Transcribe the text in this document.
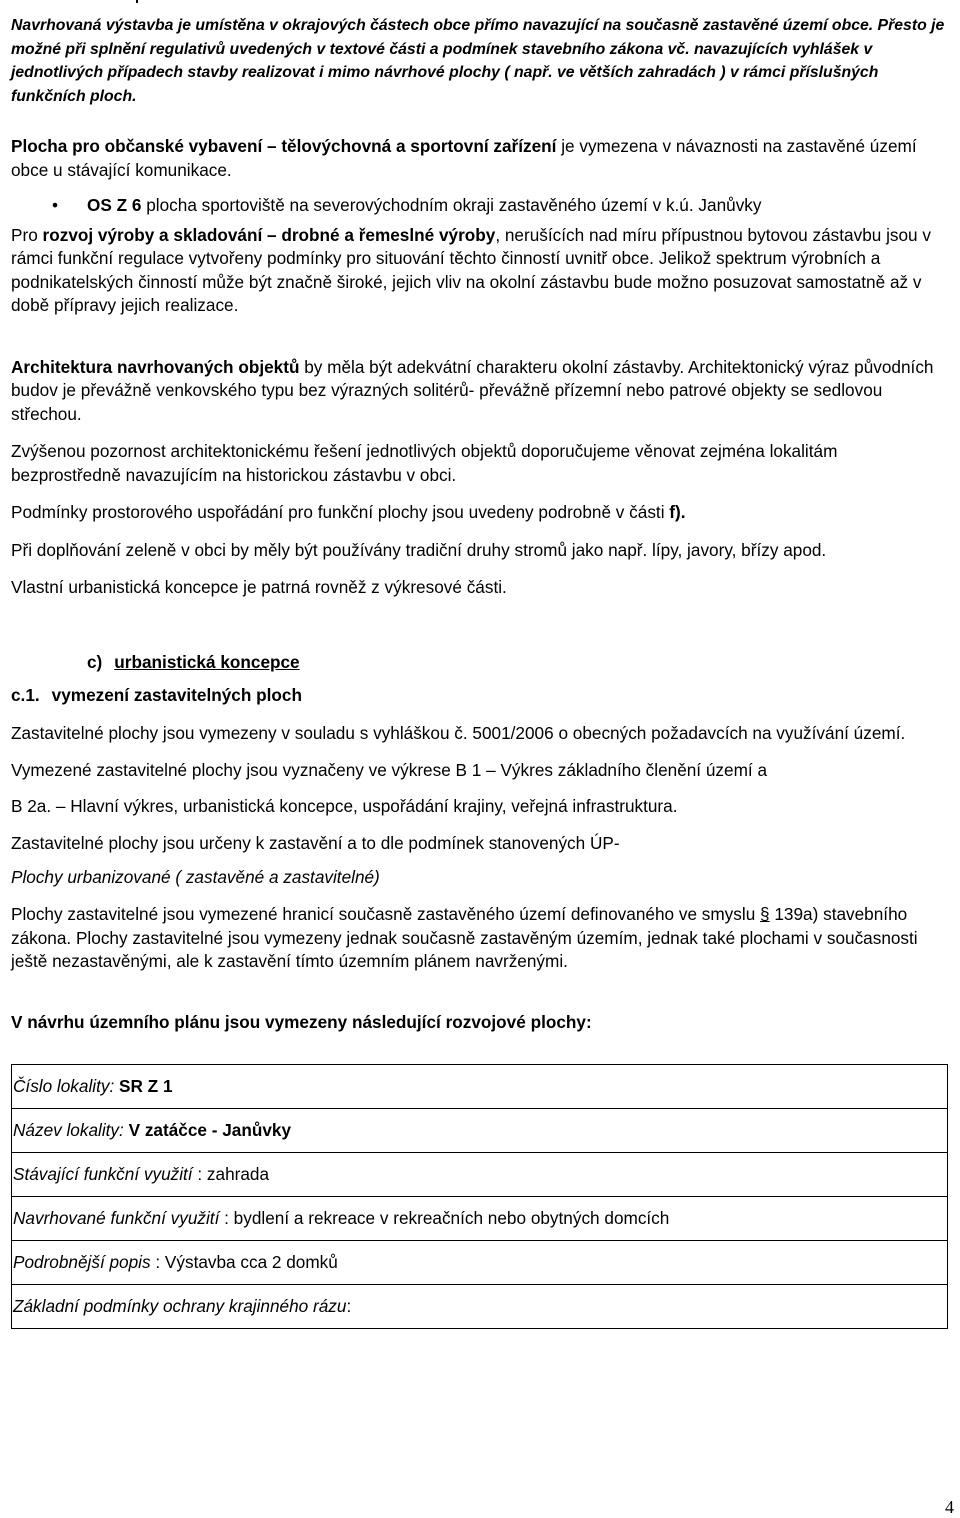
Navrhovaná výstavba je umístěna v okrajových částech obce přímo navazující na současně zastavěné území obce. Přesto je možné při splnění regulativů uvedených v textové části a podmínek stavebního zákona vč. navazujících vyhlášek v jednotlivých případech stavby realizovat i mimo návrhové plochy ( např. ve větších zahradách ) v rámci příslušných funkčních ploch.

Plocha pro občanské vybavení – tělovýchovná a sportovní zařízení je vymezena v návaznosti na zastavěné území obce u stávající komunikace.

• OS Z 6 plocha sportoviště na severovýchodním okraji zastavěného území v k.ú. Janůvky

Pro rozvoj výroby a skladování – drobné a řemeslné výroby, nerušících nad míru přípustnou bytovou zástavbu jsou v rámci funkční regulace vytvořeny podmínky pro situování těchto činností uvnitř obce. Jelikož spektrum výrobních a podnikatelských činností může být značně široké, jejich vliv na okolní zástavbu bude možno posuzovat samostatně až v době přípravy jejich realizace.

Architektura navrhovaných objektů by měla být adekvátní charakteru okolní zástavby. Architektonický výraz původních budov je převážně venkovského typu bez výrazných solitérů- převážně přízemní nebo patrové objekty se sedlovou střechou.

Zvýšenou pozornost architektonickému řešení jednotlivých objektů doporučujeme věnovat zejména lokalitám bezprostředně navazujícím na historickou zástavbu v obci.

Podmínky prostorového uspořádání pro funkční plochy jsou uvedeny podrobně v části f).

Při doplňování zeleně v obci by měly být používány tradiční druhy stromů jako např. lípy, javory, břízy apod.

Vlastní urbanistická koncepce je patrná rovněž z výkresové části.

c) urbanistická koncepce

c.1. vymezení zastavitelných ploch

Zastavitelné plochy jsou vymezeny v souladu s vyhláškou č. 5001/2006 o obecných požadavcích na využívání území.

Vymezené zastavitelné plochy jsou vyznačeny ve výkrese B 1 – Výkres základního členění území a

B 2a. – Hlavní výkres, urbanistická koncepce, uspořádání krajiny, veřejná infrastruktura.

Zastavitelné plochy jsou určeny k zastavění a to dle podmínek stanovených ÚP-

Plochy urbanizované ( zastavěné a zastavitelné)

Plochy zastavitelné jsou vymezené hranicí současně zastavěného území definovaného ve smyslu § 139a) stavebního zákona. Plochy zastavitelné jsou vymezeny jednak současně zastavěným územím, jednak také plochami v současnosti ještě nezastavěnými, ale k zastavění tímto územním plánem navrženými.

V návrhu územního plánu jsou vymezeny následující rozvojové plochy:

Číslo lokality: SR Z 1
Název lokality: V zatáčce - Janůvky
Stávající funkční využití : zahrada
Navrhované funkční využití : bydlení a rekreace v rekreačních nebo obytných domcích
Podrobnější popis : Výstavba cca 2 domků
Základní podmínky ochrany krajinného rázu:
4
